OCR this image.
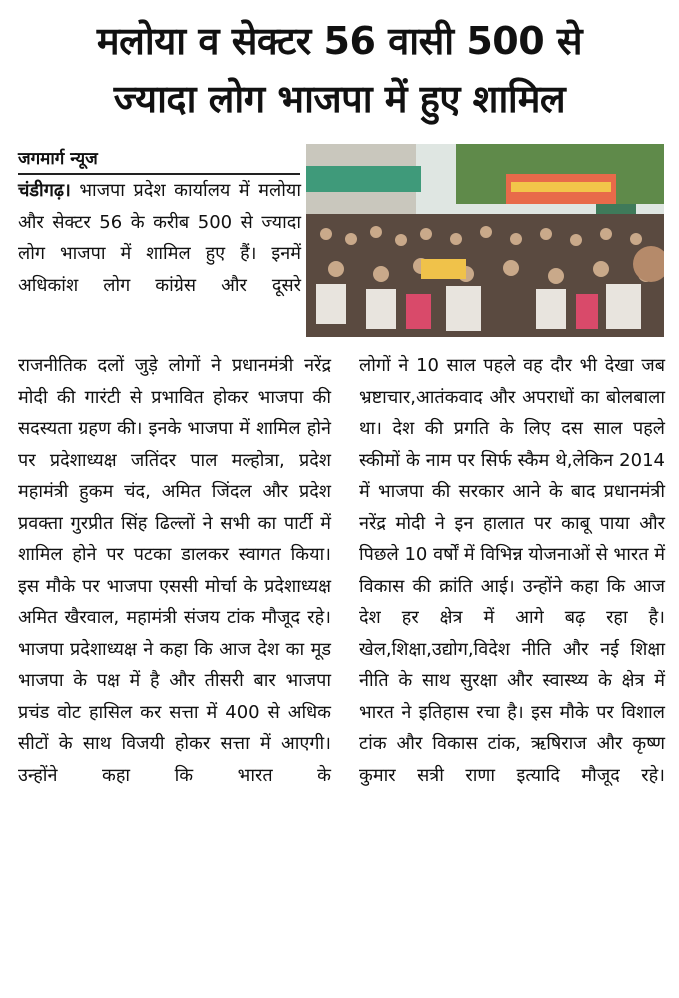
मलोया व सेक्टर 56 वासी 500 से
ज्यादा लोग भाजपा में हुए शामिल
जगमार्ग न्यूज

चंडीगढ़। भाजपा प्रदेश कार्यालय में मलोया और सेक्टर 56 के करीब 500 से ज्यादा लोग भाजपा में शामिल हुए हैं। इनमें अधिकांश लोग कांग्रेस और दूसरे

राजनीतिक दलों जुड़े लोगों ने प्रधानमंत्री नरेंद्र मोदी की गारंटी से प्रभावित होकर भाजपा की सदस्यता ग्रहण की। इनके भाजपा में शामिल होने पर प्रदेशाध्यक्ष जतिंदर पाल मल्होत्रा, प्रदेश महामंत्री हुकम चंद, अमित जिंदल और प्रदेश प्रवक्ता गुरप्रीत सिंह ढिल्लों ने सभी का पार्टी में शामिल होने पर पटका डालकर स्वागत किया। इस मौके पर भाजपा एससी मोर्चा के प्रदेशाध्यक्ष अमित खैरवाल, महामंत्री संजय टांक मौजूद रहे। भाजपा प्रदेशाध्यक्ष ने कहा कि आज देश का मूड भाजपा के पक्ष में है और तीसरी बार भाजपा प्रचंड वोट हासिल कर सत्ता में 400 से अधिक सीटों के साथ विजयी होकर सत्ता में आएगी। उन्होंने कहा कि भारत के

लोगों ने 10 साल पहले वह दौर भी देखा जब भ्रष्टाचार,आतंकवाद और अपराधों का बोलबाला था। देश की प्रगति के लिए दस साल पहले स्कीमों के नाम पर सिर्फ स्कैम थे,लेकिन 2014 में भाजपा की सरकार आने के बाद प्रधानमंत्री नरेंद्र मोदी ने इन हालात पर काबू पाया और पिछले 10 वर्षों में विभिन्न योजनाओं से भारत में विकास की क्रांति आई। उन्होंने कहा कि आज देश हर क्षेत्र में आगे बढ़ रहा है। खेल,शिक्षा,उद्योग,विदेश नीति और नई शिक्षा नीति के साथ सुरक्षा और स्वास्थ्य के क्षेत्र में भारत ने इतिहास रचा है। इस मौके पर विशाल टांक और विकास टांक, ऋषिराज और कृष्ण कुमार सत्री राणा इत्यादि मौजूद रहे।
